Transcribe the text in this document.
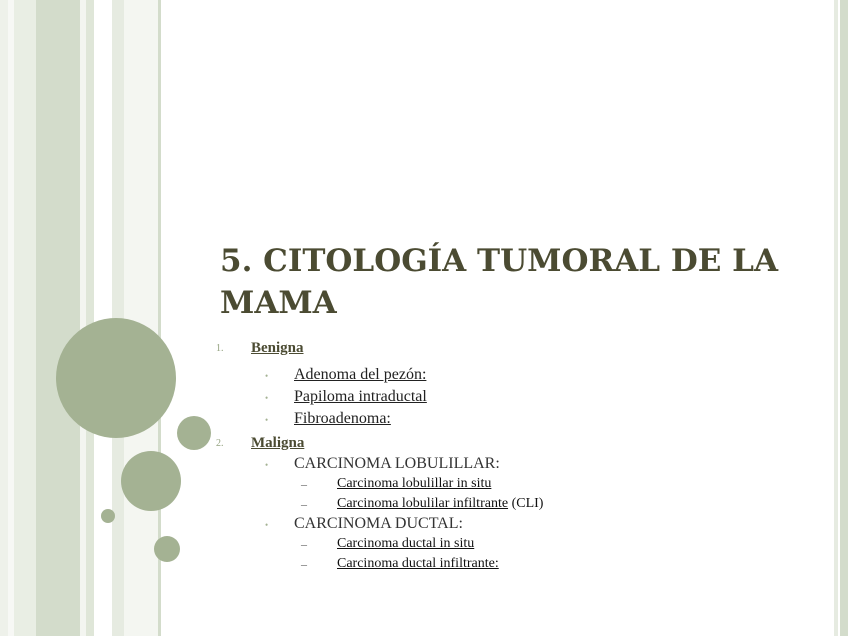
5. CITOLOGÍA TUMORAL DE LA
MAMA
1. Benigna
• Adenoma del pezón:
• Papiloma intraductal
• Fibroadenoma:
2. Maligna
• CARCINOMA LOBULILLAR:
– Carcinoma lobulillar in situ
– Carcinoma lobulilar infiltrante (CLI)
• CARCINOMA DUCTAL:
– Carcinoma ductal in situ
– Carcinoma ductal infiltrante:
